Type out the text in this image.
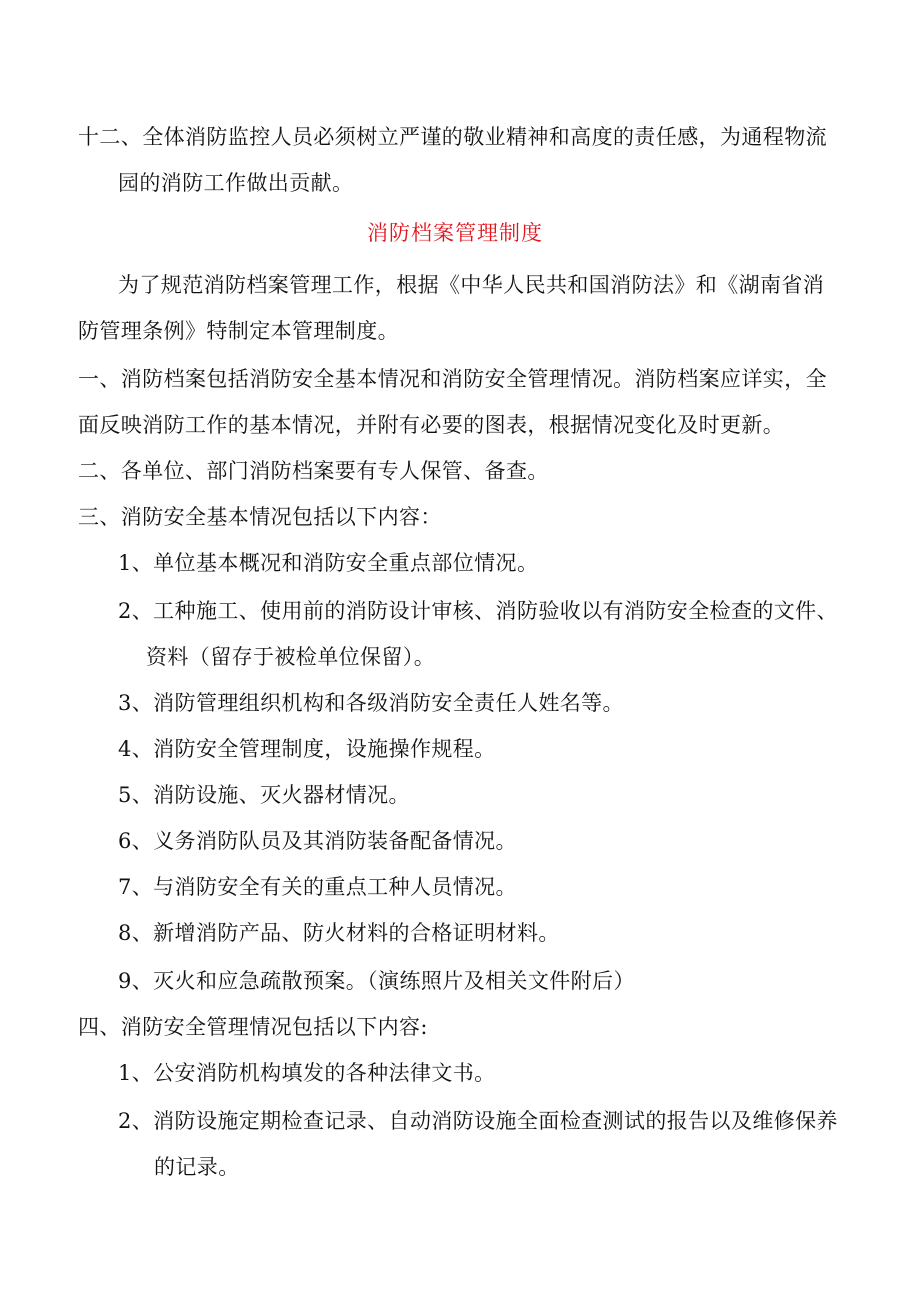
十二、全体消防监控人员必须树立严谨的敬业精神和高度的责任感，为通程物流
园的消防工作做出贡献。
消防档案管理制度
为了规范消防档案管理工作，根据《中华人民共和国消防法》和《湖南省消
防管理条例》特制定本管理制度。
一、消防档案包括消防安全基本情况和消防安全管理情况。消防档案应详实，全
面反映消防工作的基本情况，并附有必要的图表，根据情况变化及时更新。
二、各单位、部门消防档案要有专人保管、备查。
三、消防安全基本情况包括以下内容：
1、单位基本概况和消防安全重点部位情况。
2、工种施工、使用前的消防设计审核、消防验收以有消防安全检查的文件、
资料（留存于被检单位保留）。
3、消防管理组织机构和各级消防安全责任人姓名等。
4、消防安全管理制度，设施操作规程。
5、消防设施、灭火器材情况。
6、义务消防队员及其消防装备配备情况。
7、与消防安全有关的重点工种人员情况。
8、新增消防产品、防火材料的合格证明材料。
9、灭火和应急疏散预案。（演练照片及相关文件附后）
四、消防安全管理情况包括以下内容:
1、公安消防机构填发的各种法律文书。
2、消防设施定期检查记录、自动消防设施全面检查测试的报告以及维修保养
的记录。
